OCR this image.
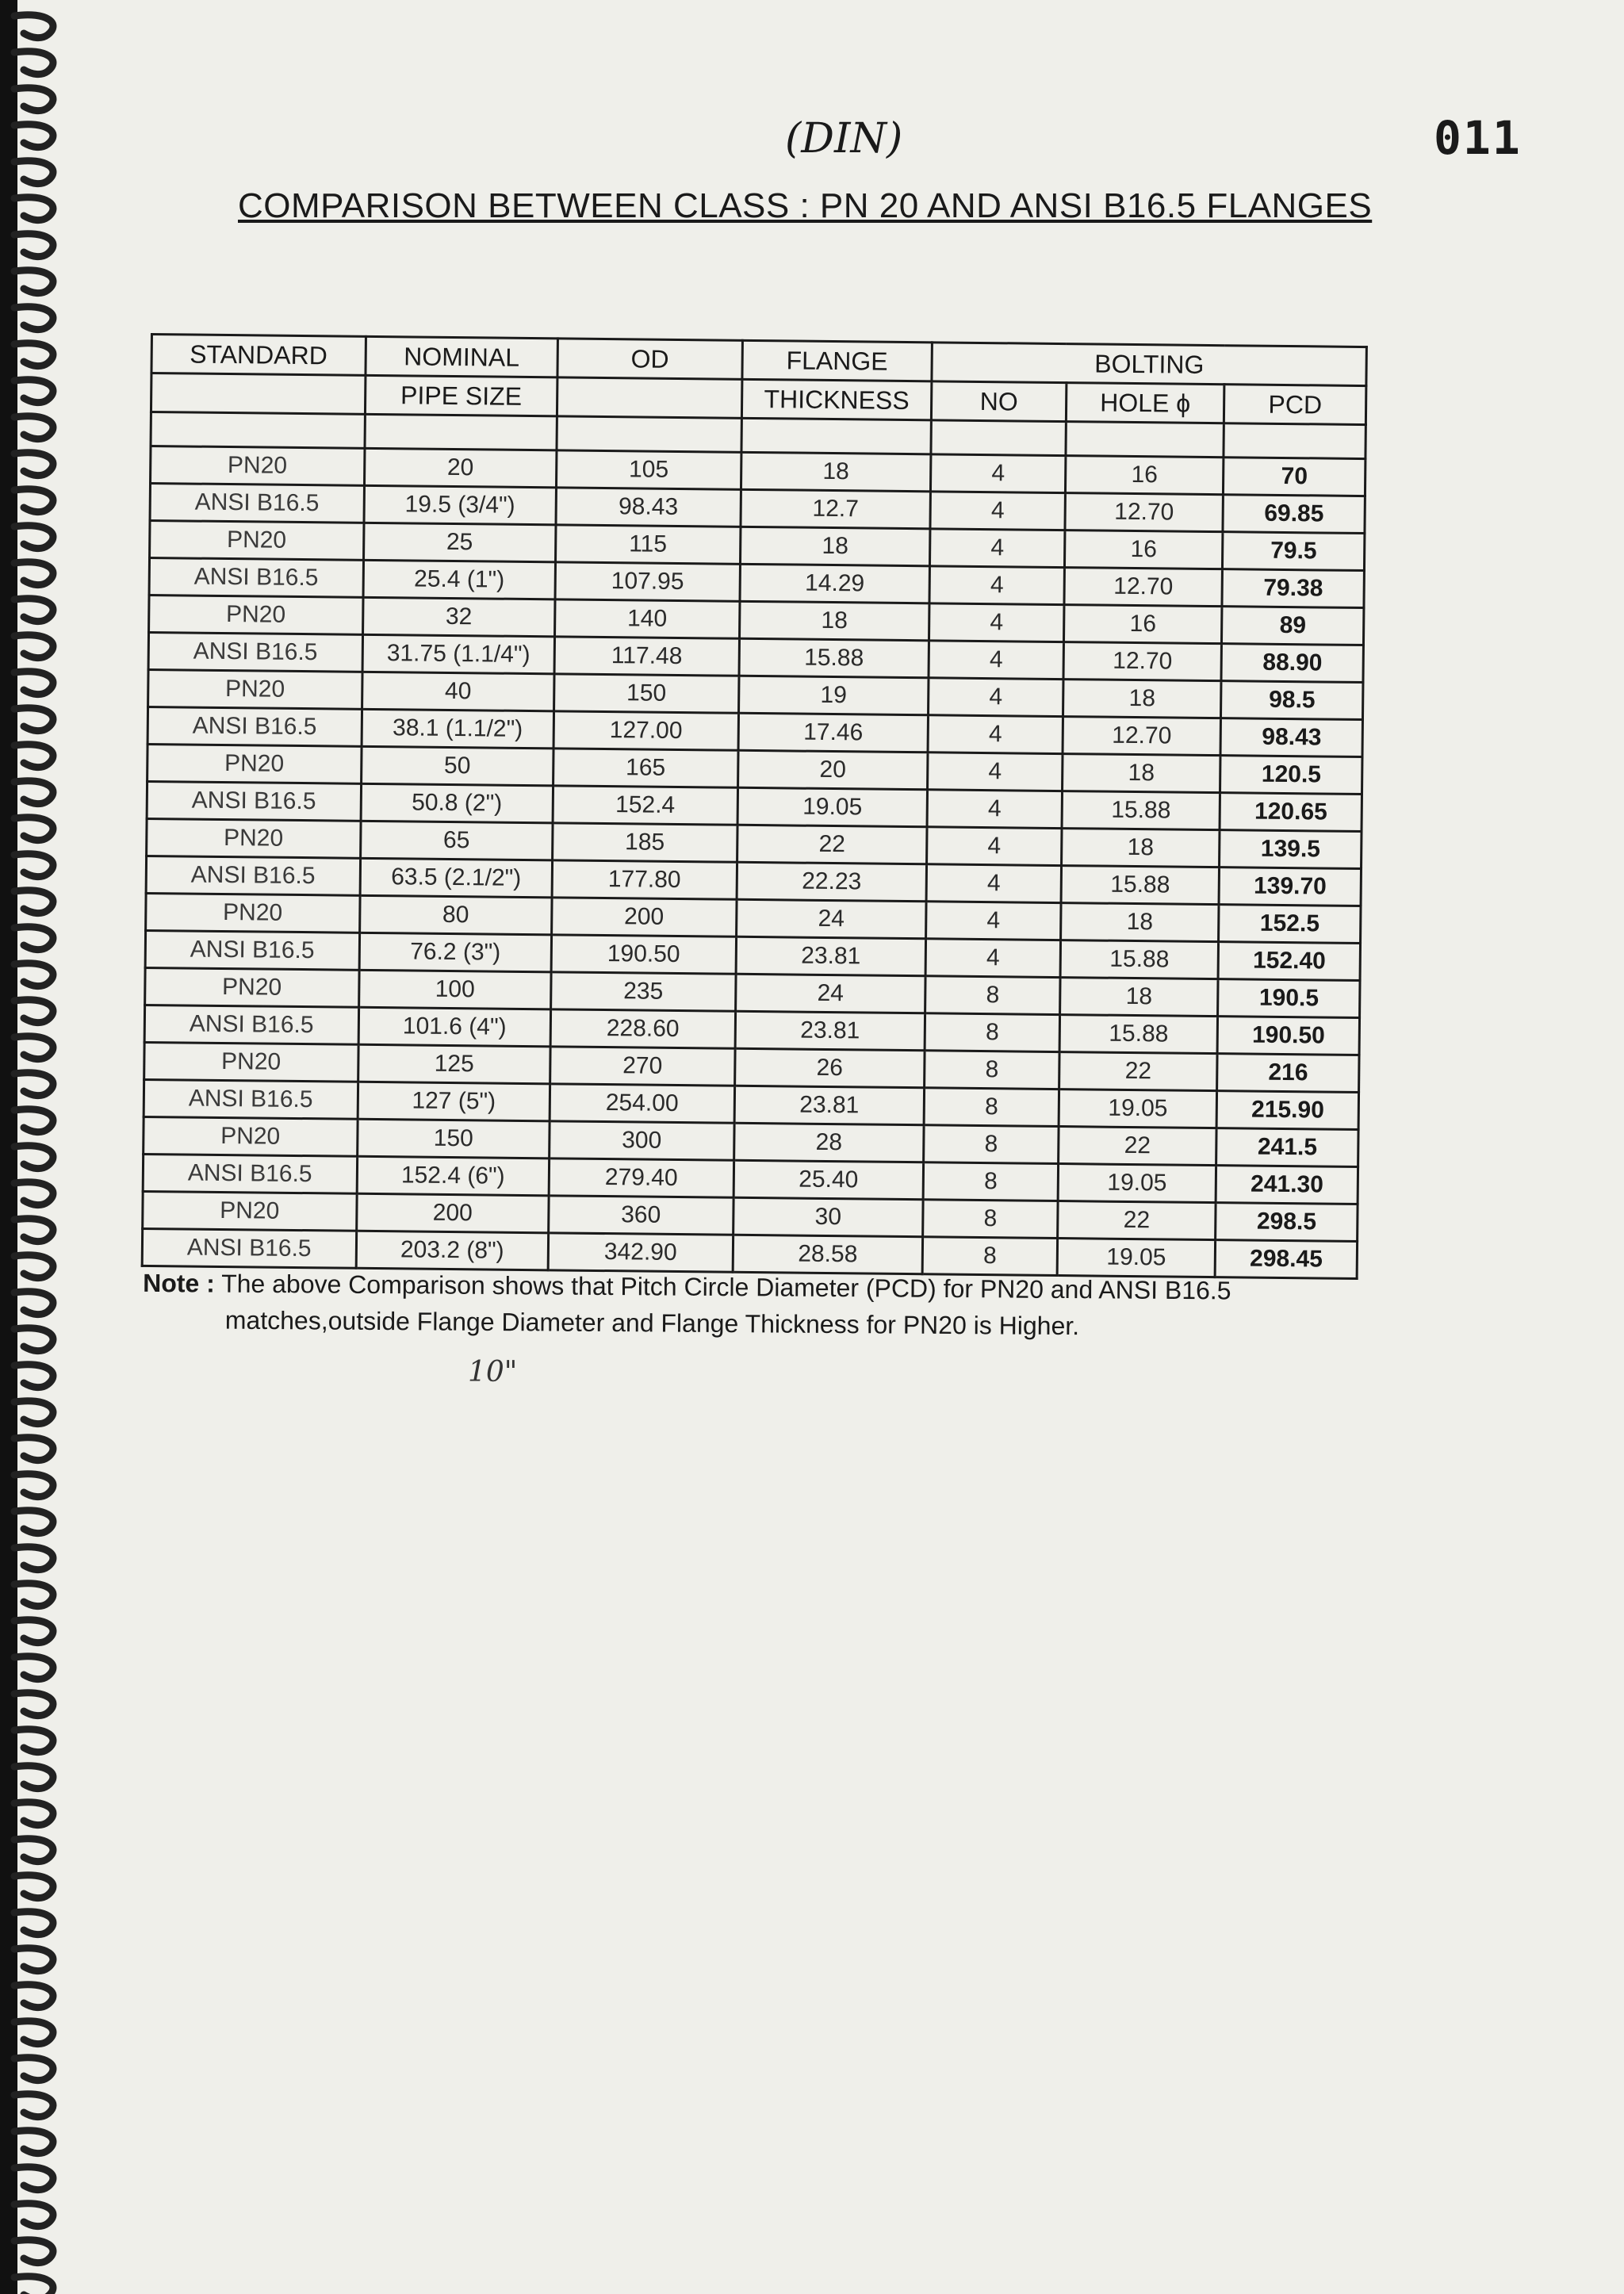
011
(DIN)
COMPARISON BETWEEN CLASS : PN 20 AND ANSI B16.5 FLANGES
STANDARD	NOMINAL	OD	FLANGE	BOLTING		
	PIPE SIZE		THICKNESS	NO	HOLE ϕ	PCD

PN20	20	105	18	4	16	70
ANSI B16.5	19.5 (3/4")	98.43	12.7	4	12.70	69.85
PN20	25	115	18	4	16	79.5
ANSI B16.5	25.4 (1")	107.95	14.29	4	12.70	79.38
PN20	32	140	18	4	16	89
ANSI B16.5	31.75 (1.1/4")	117.48	15.88	4	12.70	88.90
PN20	40	150	19	4	18	98.5
ANSI B16.5	38.1 (1.1/2")	127.00	17.46	4	12.70	98.43
PN20	50	165	20	4	18	120.5
ANSI B16.5	50.8 (2")	152.4	19.05	4	15.88	120.65
PN20	65	185	22	4	18	139.5
ANSI B16.5	63.5 (2.1/2")	177.80	22.23	4	15.88	139.70
PN20	80	200	24	4	18	152.5
ANSI B16.5	76.2 (3")	190.50	23.81	4	15.88	152.40
PN20	100	235	24	8	18	190.5
ANSI B16.5	101.6 (4")	228.60	23.81	8	15.88	190.50
PN20	125	270	26	8	22	216
ANSI B16.5	127 (5")	254.00	23.81	8	19.05	215.90
PN20	150	300	28	8	22	241.5
ANSI B16.5	152.4 (6")	279.40	25.40	8	19.05	241.30
PN20	200	360	30	8	22	298.5
ANSI B16.5	203.2 (8")	342.90	28.58	8	19.05	298.45
Note : The above Comparison shows that Pitch Circle Diameter (PCD) for PN20 and ANSI B16.5
matches,outside Flange Diameter and Flange Thickness for PN20 is Higher.
10"
